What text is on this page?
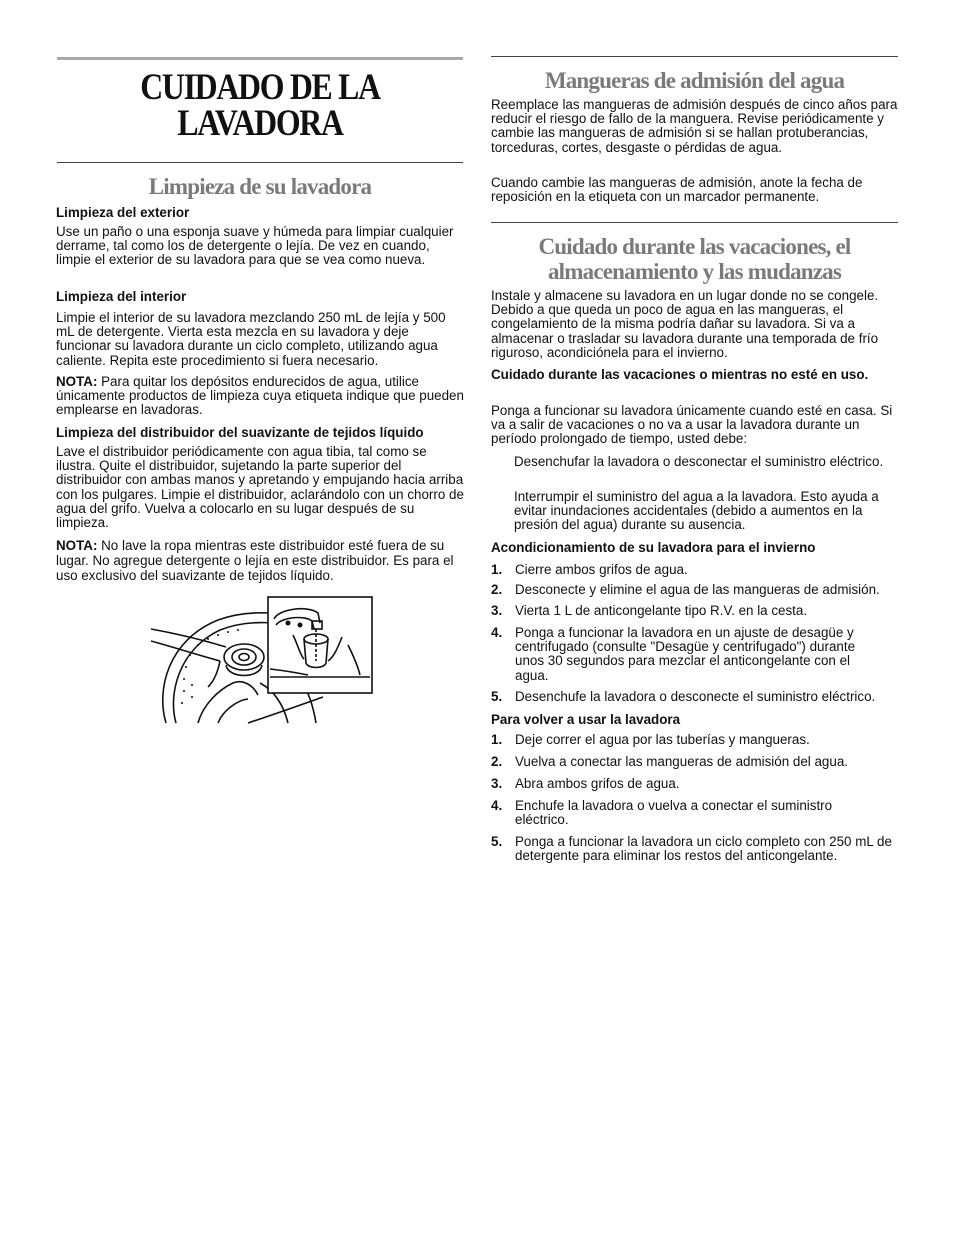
CUIDADO DE LA
LAVADORA
Limpieza de su lavadora

Limpieza del exterior

Use un paño o una esponja suave y húmeda para limpiar cualquier derrame, tal como los de detergente o lejía. De vez en cuando, limpie el exterior de su lavadora para que se vea como nueva.

Limpieza del interior

Limpie el interior de su lavadora mezclando 250 mL de lejía y 500 mL de detergente. Vierta esta mezcla en su lavadora y deje funcionar su lavadora durante un ciclo completo, utilizando agua caliente. Repita este procedimiento si fuera necesario.

NOTA: Para quitar los depósitos endurecidos de agua, utilice únicamente productos de limpieza cuya etiqueta indique que pueden emplearse en lavadoras.

Limpieza del distribuidor del suavizante de tejidos líquido

Lave el distribuidor periódicamente con agua tibia, tal como se ilustra. Quite el distribuidor, sujetando la parte superior del distribuidor con ambas manos y apretando y empujando hacia arriba con los pulgares. Limpie el distribuidor, aclarándolo con un chorro de agua del grifo. Vuelva a colocarlo en su lugar después de su limpieza.

NOTA: No lave la ropa mientras este distribuidor esté fuera de su lugar. No agregue detergente o lejía en este distribuidor. Es para el uso exclusivo del suavizante de tejidos líquido.

Mangueras de admisión del agua

Reemplace las mangueras de admisión después de cinco años para reducir el riesgo de fallo de la manguera. Revise periódicamente y cambie las mangueras de admisión si se hallan protuberancias, torceduras, cortes, desgaste o pérdidas de agua.

Cuando cambie las mangueras de admisión, anote la fecha de reposición en la etiqueta con un marcador permanente.

Cuidado durante las vacaciones, el
almacenamiento y las mudanzas

Instale y almacene su lavadora en un lugar donde no se congele. Debido a que queda un poco de agua en las mangueras, el congelamiento de la misma podría dañar su lavadora. Si va a almacenar o trasladar su lavadora durante una temporada de frío riguroso, acondiciónela para el invierno.

Cuidado durante las vacaciones o mientras no esté en uso.

Ponga a funcionar su lavadora únicamente cuando esté en casa. Si va a salir de vacaciones o no va a usar la lavadora durante un período prolongado de tiempo, usted debe:

Desenchufar la lavadora o desconectar el suministro eléctrico.

Interrumpir el suministro del agua a la lavadora. Esto ayuda a evitar inundaciones accidentales (debido a aumentos en la presión del agua) durante su ausencia.

Acondicionamiento de su lavadora para el invierno

1. Cierre ambos grifos de agua.
2. Desconecte y elimine el agua de las mangueras de admisión.
3. Vierta 1 L de anticongelante tipo R.V. en la cesta.
4. Ponga a funcionar la lavadora en un ajuste de desagüe y centrifugado (consulte "Desagüe y centrifugado") durante unos 30 segundos para mezclar el anticongelante con el agua.
5. Desenchufe la lavadora o desconecte el suministro eléctrico.

Para volver a usar la lavadora

1. Deje correr el agua por las tuberías y mangueras.
2. Vuelva a conectar las mangueras de admisión del agua.
3. Abra ambos grifos de agua.
4. Enchufe la lavadora o vuelva a conectar el suministro eléctrico.
5. Ponga a funcionar la lavadora un ciclo completo con 250 mL de detergente para eliminar los restos del anticongelante.
